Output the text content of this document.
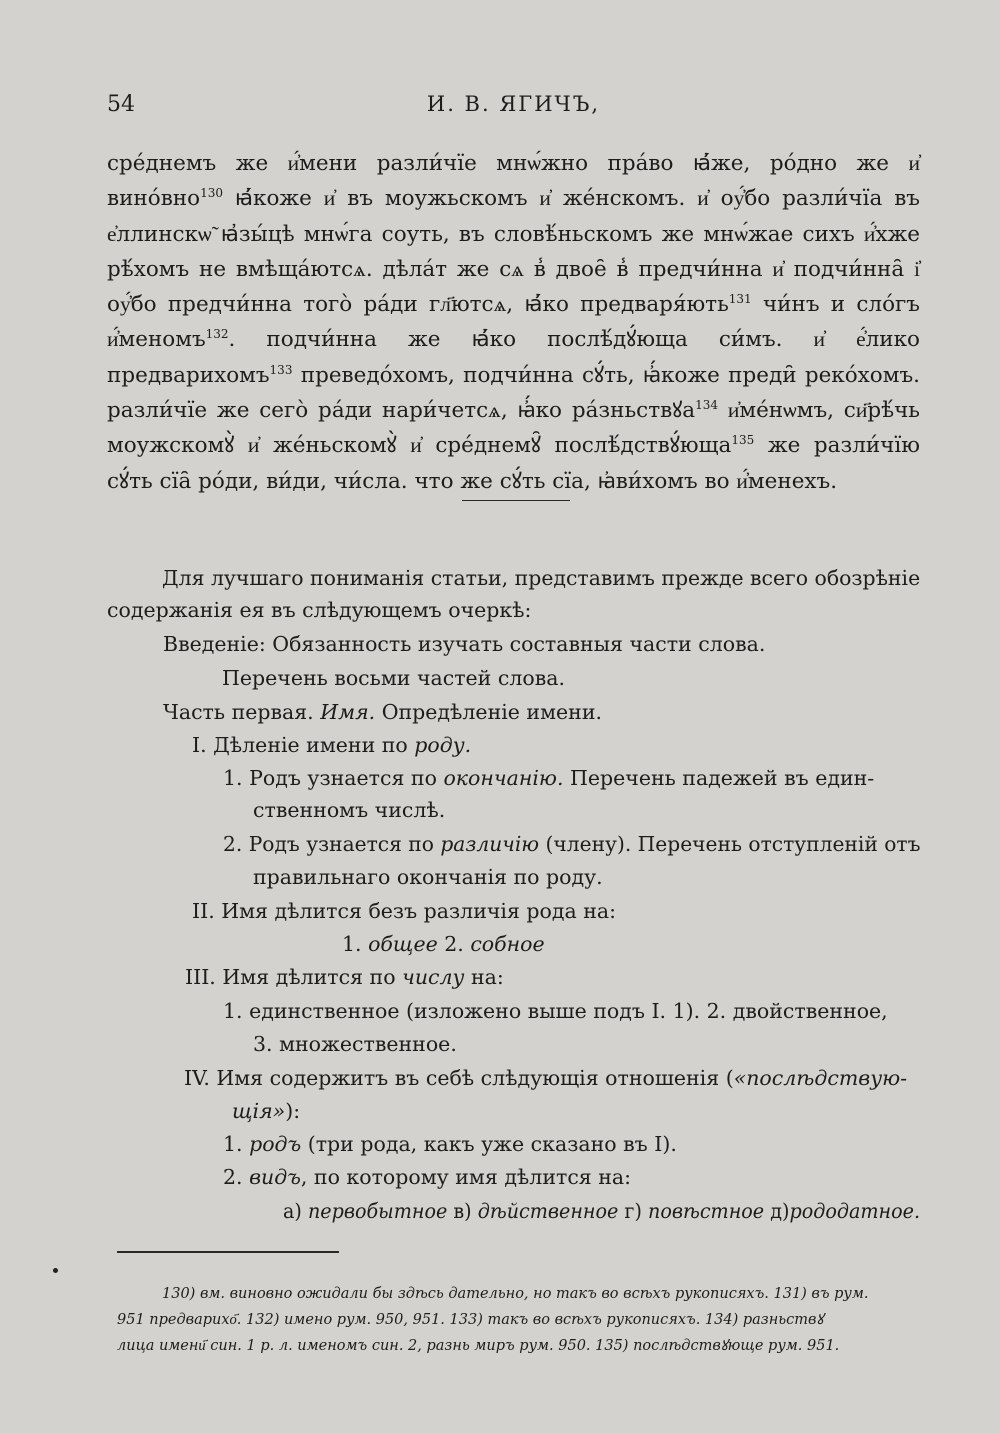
54	И. В. ЯГИЧЪ,

сре́днемъ же и҆́мени разли́чїе мнѡ́жно пра́во ꙗ҆́же, ро́дно же и҆ вино́вно$^{130}$ ꙗ҆́коже и҆ въ моужьскомъ и҆ же́нскомъ. и҆ оу҆́бо разли́чїа въ е҆ллинскѡ̃ ꙗ҆зы́цѣ мнѡ́га соуть, въ словѣ́ньскомъ же мнѡ́жае сихъ и҆́хже рѣ́хомъ не вмѣща́ютсѧ. дѣла́т же сѧ в̾ двое̑ в̾ предчи́нна и҆ подчи́нна̑ і҆ оу҆́бо предчи́нна того̀ ра́ди гл҃ютсѧ, ꙗ҆́ко предваря́ють$^{131}$ чи́нъ и сло́гъ и҆́меномъ$^{132}$. подчи́нна же ꙗ҆́ко послѣ́дꙋ́юща си́мъ. и҆ е҆́лико предварихомъ$^{133}$ преведо́хомъ, подчи́нна сꙋ́ть, ꙗ҆́коже преди̑ реко́хомъ. разли́чїе же сего̀ ра́ди нари́четсѧ, ꙗ҆́ко ра́зньствꙋа$^{134}$ и҆ме́нѡмъ, си҃рѣ́чь моужскомꙋ̀ и҆ же́ньскомꙋ̀ и҆ сре́днемꙋ̑ послѣ́дствꙋ́юща$^{135}$ же разли́чїю сꙋ́ть сїа̑ ро́ди, ви́ди, чи́сла. что же сꙋ́ть сїа, ꙗ҆ви́хомъ во и҆́менехъ.

Для лучшаго пониманія статьи, представимъ прежде всего обозрѣніе
содержанія ея въ слѣдующемъ очеркѣ:
Введеніе: Обязанность изучать составныя части слова.
Перечень восьми частей слова.
Часть первая. Имя. Опредѣленіе имени.
I. Дѣленіе имени по роду.
1. Родъ узнается по окончанію. Перечень падежей въ един-
ственномъ числѣ.
2. Родъ узнается по различію (члену). Перечень отступленій отъ
правильнаго окончанія по роду.
II. Имя дѣлится безъ различія рода на:
1. общее 2. собное
III. Имя дѣлится по числу на:
1. единственное (изложено выше подъ I. 1). 2. двойственное,
3. множественное.
IV. Имя содержитъ въ себѣ слѣдующія отношенія («послѣдствую-
щія»):
1. родъ (три рода, какъ уже сказано въ I).
2. видъ, по которому имя дѣлится на:
а) первобытное в) дѣйственное г) повѣстное д)рододатное.
130) вм. виновно ожидали бы здѣсь дательно, но такъ во всѣхъ рукописяхъ. 131) въ рум.
951 предварихо҃. 132) имено рум. 950, 951. 133) такъ во всѣхъ рукописяхъ. 134) разньствꙋ
лица имени҃ син. 1 р. л. именомъ син. 2, разнь миръ рум. 950. 135) послѣдствꙋюще рум. 951.
